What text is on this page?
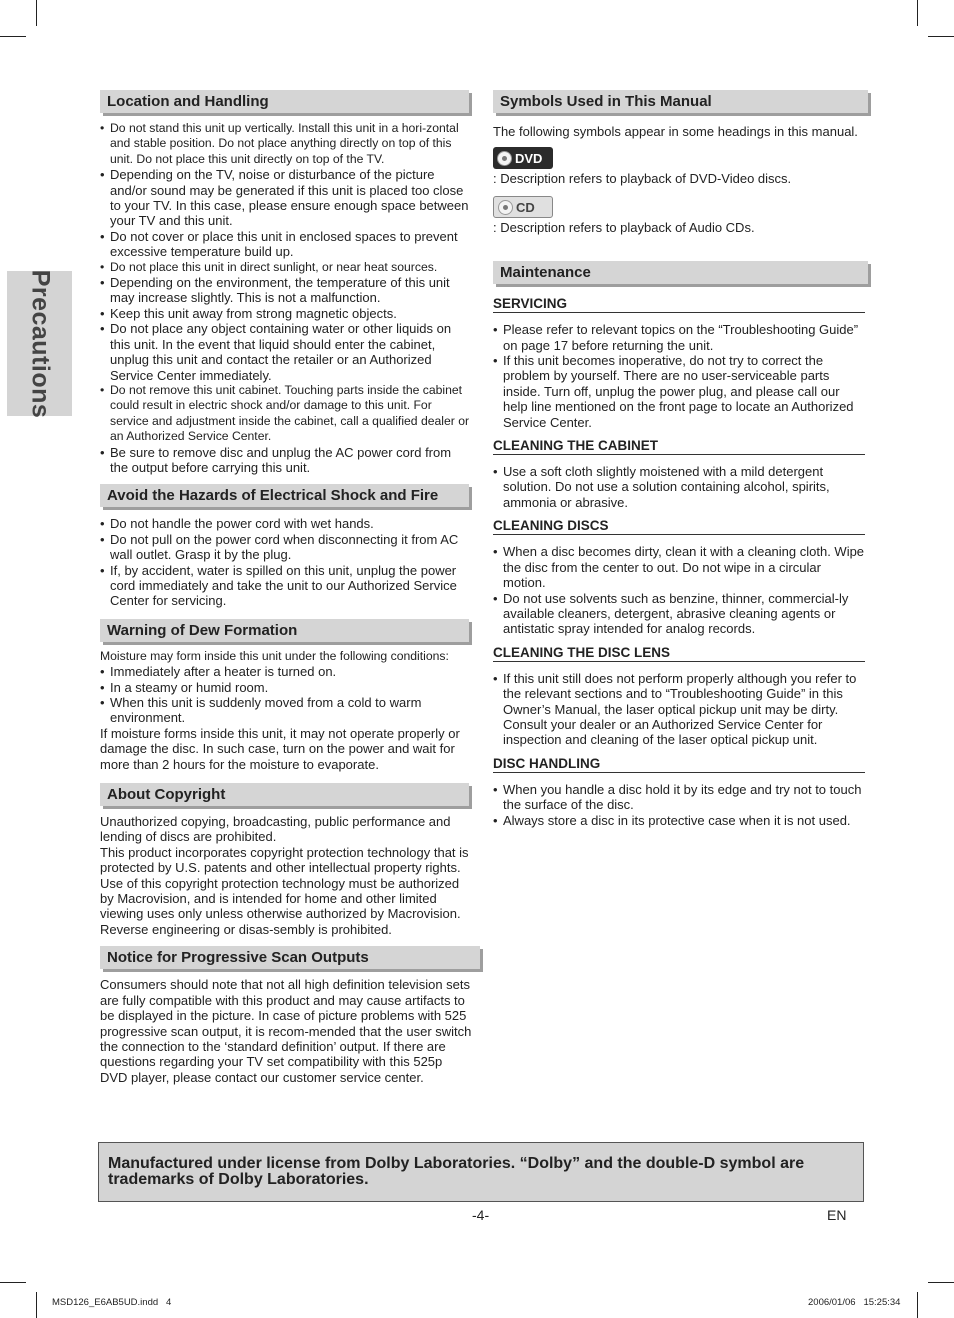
Precautions
Location and Handling
• Do not stand this unit up vertically. Install this unit in a hori-zontal and stable position. Do not place anything directly on top of this unit. Do not place this unit directly on top of the TV.
• Depending on the TV, noise or disturbance of the picture and/or sound may be generated if this unit is placed too close to your TV. In this case, please ensure enough space between your TV and this unit.
• Do not cover or place this unit in enclosed spaces to prevent excessive temperature build up.
• Do not place this unit in direct sunlight, or near heat sources.
• Depending on the environment, the temperature of this unit may increase slightly. This is not a malfunction.
• Keep this unit away from strong magnetic objects.
• Do not place any object containing water or other liquids on this unit. In the event that liquid should enter the cabinet, unplug this unit and contact the retailer or an Authorized Service Center immediately.
• Do not remove this unit cabinet. Touching parts inside the cabinet could result in electric shock and/or damage to this unit. For service and adjustment inside the cabinet, call a qualified dealer or an Authorized Service Center.
• Be sure to remove disc and unplug the AC power cord from the output before carrying this unit.
Avoid the Hazards of Electrical Shock and Fire
• Do not handle the power cord with wet hands.
• Do not pull on the power cord when disconnecting it from AC wall outlet. Grasp it by the plug.
• If, by accident, water is spilled on this unit, unplug the power cord immediately and take the unit to our Authorized Service Center for servicing.
Warning of Dew Formation

Moisture may form inside this unit under the following conditions:

• Immediately after a heater is turned on.
• In a steamy or humid room.
• When this unit is suddenly moved from a cold to warm environment.

If moisture forms inside this unit, it may not operate properly or damage the disc. In such case, turn on the power and wait for more than 2 hours for the moisture to evaporate.

About Copyright

Unauthorized copying, broadcasting, public performance and lending of discs are prohibited.

This product incorporates copyright protection technology that is protected by U.S. patents and other intellectual property rights. Use of this copyright protection technology must be authorized by Macrovision, and is intended for home and other limited viewing uses only unless otherwise authorized by Macrovision. Reverse engineering or disas-sembly is prohibited.

Notice for Progressive Scan Outputs

Consumers should note that not all high definition television sets are fully compatible with this product and may cause artifacts to be displayed in the picture. In case of picture problems with 525 progressive scan output, it is recom-mended that the user switch the connection to the ‘standard definition’ output. If there are questions regarding your TV set compatibility with this 525p DVD player, please contact our customer service center.

Symbols Used in This Manual

The following symbols appear in some headings in this manual.

DVD

: Description refers to playback of DVD-Video discs.

CD

: Description refers to playback of Audio CDs.

Maintenance
SERVICING
• Please refer to relevant topics on the “Troubleshooting Guide” on page 17 before returning the unit.
• If this unit becomes inoperative, do not try to correct the problem by yourself. There are no user-serviceable parts inside. Turn off, unplug the power plug, and please call our help line mentioned on the front page to locate an Authorized Service Center.
CLEANING THE CABINET
• Use a soft cloth slightly moistened with a mild detergent solution. Do not use a solution containing alcohol, spirits, ammonia or abrasive.
CLEANING DISCS
• When a disc becomes dirty, clean it with a cleaning cloth. Wipe the disc from the center to out. Do not wipe in a circular motion.
• Do not use solvents such as benzine, thinner, commercial-ly available cleaners, detergent, abrasive cleaning agents or antistatic spray intended for analog records.
CLEANING THE DISC LENS
• If this unit still does not perform properly although you refer to the relevant sections and to “Troubleshooting Guide” in this Owner’s Manual, the laser optical pickup unit may be dirty. Consult your dealer or an Authorized Service Center for inspection and cleaning of the laser optical pickup unit.
DISC HANDLING
• When you handle a disc hold it by its edge and try not to touch the surface of the disc.
• Always store a disc in its protective case when it is not used.
Manufactured under license from Dolby Laboratories. “Dolby” and the double-D symbol are trademarks of Dolby Laboratories.
-4-	EN
MSD126_E6AB5UD.indd   4	2006/01/06   15:25:34
